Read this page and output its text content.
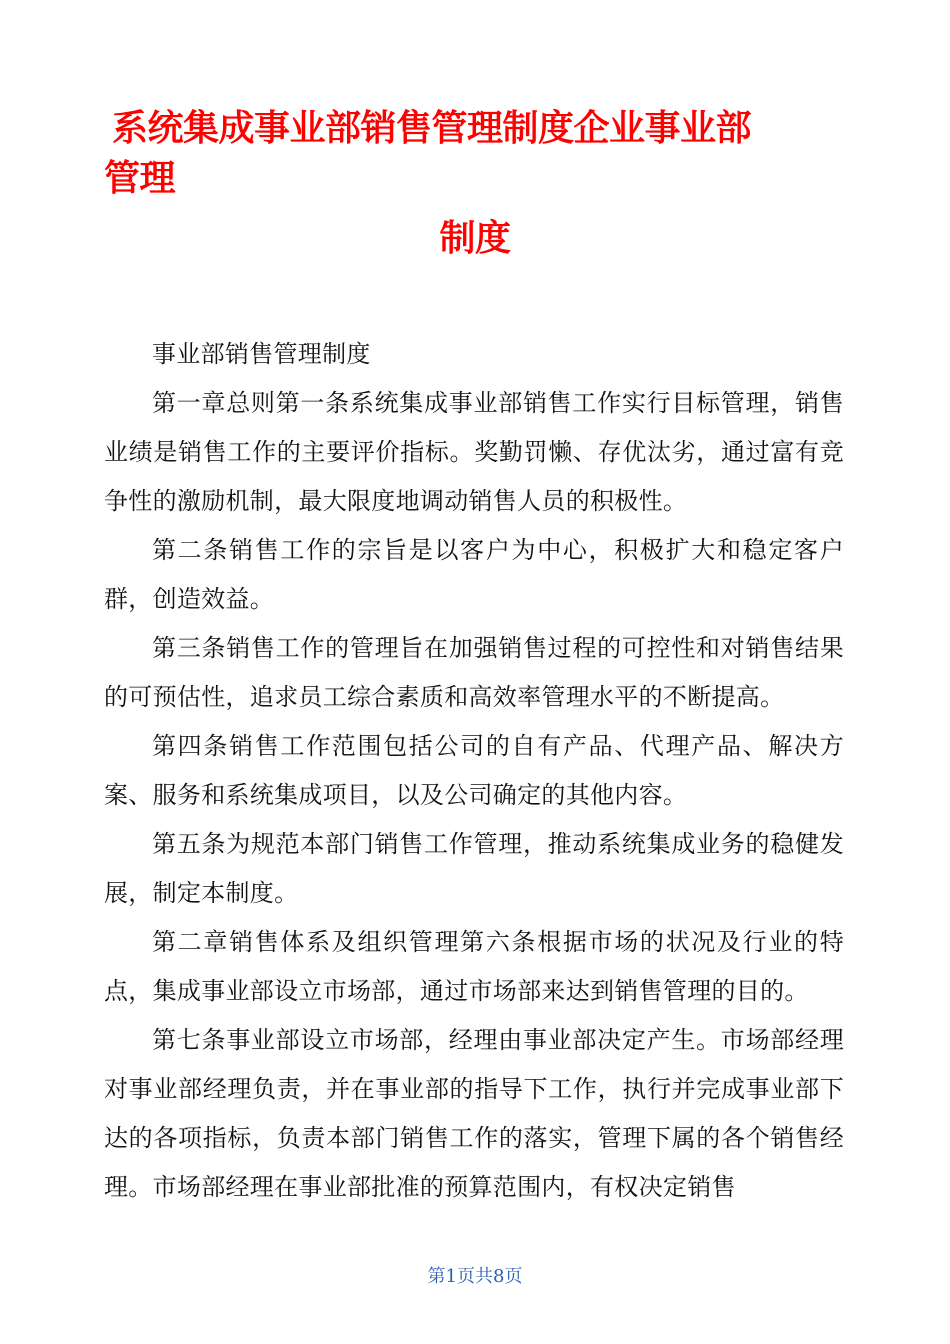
系统集成事业部销售管理制度企业事业部
管理
制度

事业部销售管理制度

第一章总则第一条系统集成事业部销售工作实行目标管理，销售业绩是销售工作的主要评价指标。奖勤罚懒、存优汰劣，通过富有竞争性的激励机制，最大限度地调动销售人员的积极性。

第二条销售工作的宗旨是以客户为中心，积极扩大和稳定客户群，创造效益。

第三条销售工作的管理旨在加强销售过程的可控性和对销售结果的可预估性，追求员工综合素质和高效率管理水平的不断提高。

第四条销售工作范围包括公司的自有产品、代理产品、解决方案、服务和系统集成项目，以及公司确定的其他内容。

第五条为规范本部门销售工作管理，推动系统集成业务的稳健发展，制定本制度。

第二章销售体系及组织管理第六条根据市场的状况及行业的特点，集成事业部设立市场部，通过市场部来达到销售管理的目的。

第七条事业部设立市场部，经理由事业部决定产生。市场部经理对事业部经理负责，并在事业部的指导下工作，执行并完成事业部下达的各项指标，负责本部门销售工作的落实，管理下属的各个销售经理。市场部经理在事业部批准的预算范围内，有权决定销售

第1页共8页
